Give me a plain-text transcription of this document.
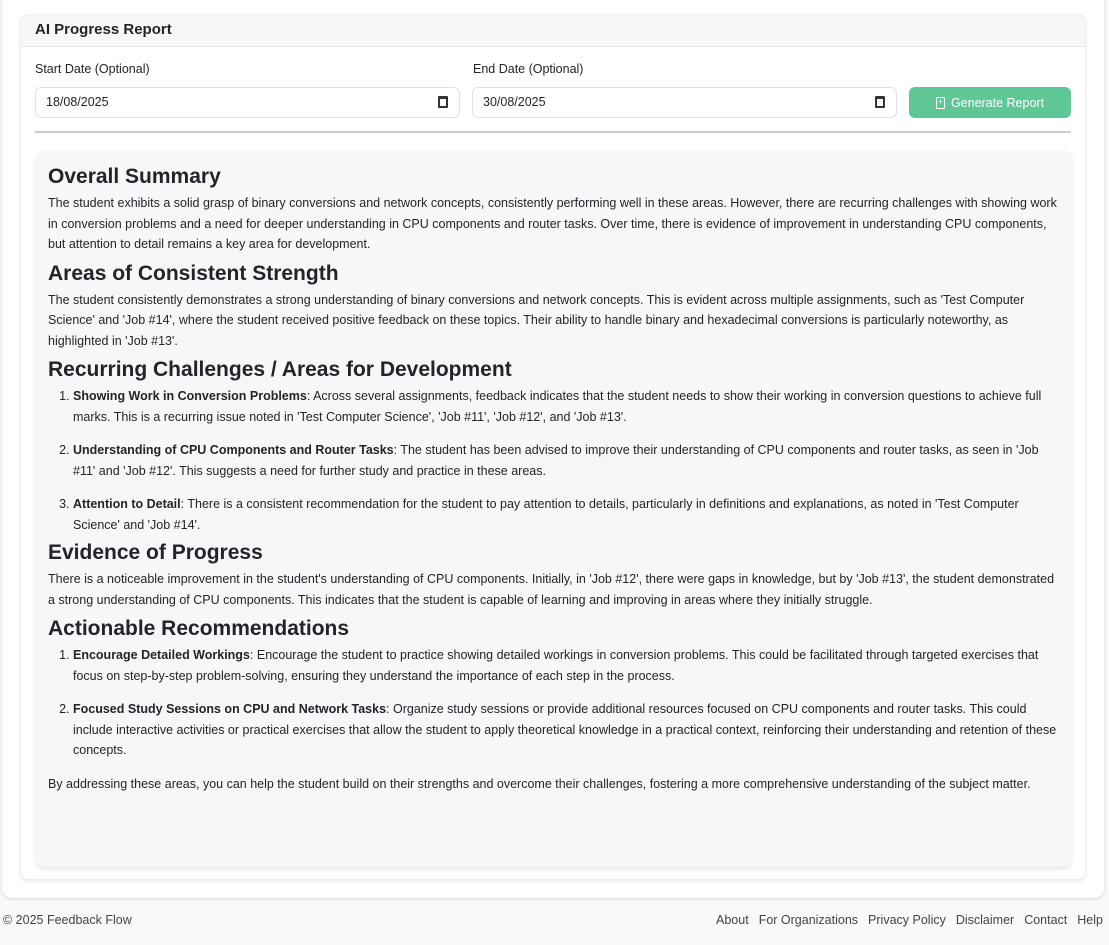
AI Progress Report
Start Date (Optional)
18/08/2025
End Date (Optional)
30/08/2025	+ Generate Report
Overall Summary

The student exhibits a solid grasp of binary conversions and network concepts, consistently performing well in these areas. However, there are recurring challenges with showing work in conversion problems and a need for deeper understanding in CPU components and router tasks. Over time, there is evidence of improvement in understanding CPU components, but attention to detail remains a key area for development.

Areas of Consistent Strength

The student consistently demonstrates a strong understanding of binary conversions and network concepts. This is evident across multiple assignments, such as 'Test Computer Science' and 'Job #14', where the student received positive feedback on these topics. Their ability to handle binary and hexadecimal conversions is particularly noteworthy, as highlighted in 'Job #13'.

Recurring Challenges / Areas for Development
1. Showing Work in Conversion Problems: Across several assignments, feedback indicates that the student needs to show their working in conversion questions to achieve full marks. This is a recurring issue noted in 'Test Computer Science', 'Job #11', 'Job #12', and 'Job #13'.
2. Understanding of CPU Components and Router Tasks: The student has been advised to improve their understanding of CPU components and router tasks, as seen in 'Job #11' and 'Job #12'. This suggests a need for further study and practice in these areas.
3. Attention to Detail: There is a consistent recommendation for the student to pay attention to details, particularly in definitions and explanations, as noted in 'Test Computer Science' and 'Job #14'.
Evidence of Progress

There is a noticeable improvement in the student's understanding of CPU components. Initially, in 'Job #12', there were gaps in knowledge, but by 'Job #13', the student demonstrated a strong understanding of CPU components. This indicates that the student is capable of learning and improving in areas where they initially struggle.

Actionable Recommendations
1. Encourage Detailed Workings: Encourage the student to practice showing detailed workings in conversion problems. This could be facilitated through targeted exercises that focus on step-by-step problem-solving, ensuring they understand the importance of each step in the process.
2. Focused Study Sessions on CPU and Network Tasks: Organize study sessions or provide additional resources focused on CPU components and router tasks. This could include interactive activities or practical exercises that allow the student to apply theoretical knowledge in a practical context, reinforcing their understanding and retention of these concepts.

By addressing these areas, you can help the student build on their strengths and overcome their challenges, fostering a more comprehensive understanding of the subject matter.

© 2025 Feedback Flow	About For Organizations Privacy Policy Disclaimer Contact Help
